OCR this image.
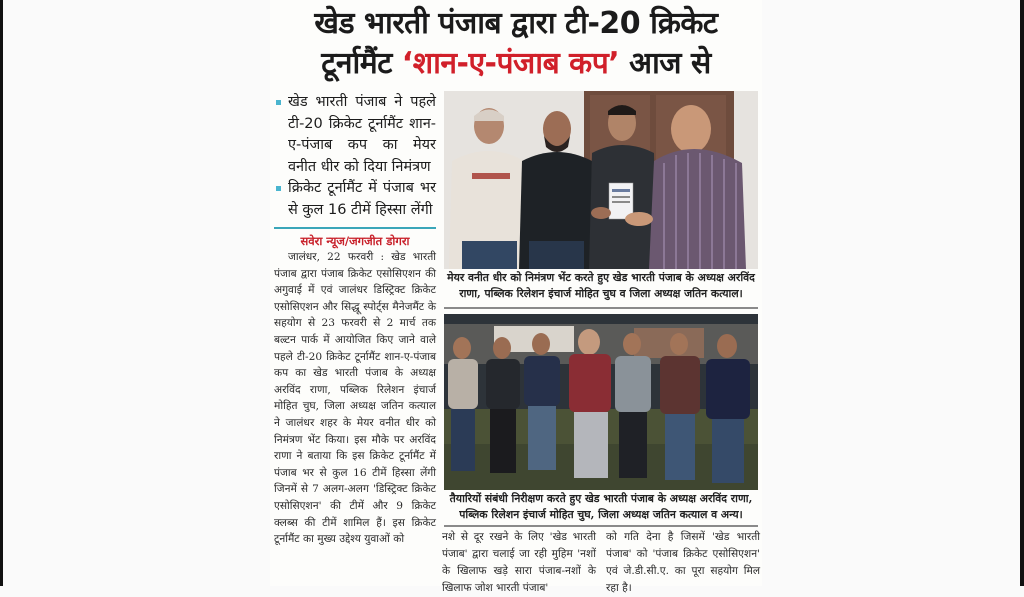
खेड भारती पंजाब द्वारा टी-20 क्रिकेट
टूर्नामैंट ‘शान-ए-पंजाब कप’ आज से
खेड भारती पंजाब ने पहले टी-20 क्रिकेट टूर्नामैंट शान-ए-पंजाब कप का मेयर वनीत धीर को दिया निमंत्रण
क्रिकेट टूर्नामैंट में पंजाब भर से कुल 16 टीमें हिस्सा लेंगी
सवेरा न्यूज/जगजीत डोगरा
जालंधर, 22 फरवरी : खेड भारती पंजाब द्वारा पंजाब क्रिकेट एसोसिएशन की अगुवाई में एवं जालंधर डिस्ट्रिक्ट क्रिकेट एसोसिएशन और सिद्धू स्पोर्ट्स मैनेजमैंट के सहयोग से 23 फरवरी से 2 मार्च तक बल्र्टन पार्क में आयोजित किए जाने वाले पहले टी-20 क्रिकेट टूर्नामैंट शान-ए-पंजाब कप का खेड भारती पंजाब के अध्यक्ष अरविंद राणा, पब्लिक रिलेशन इंचार्ज मोहित चुघ, जिला अध्यक्ष जतिन कत्याल ने जालंधर शहर के मेयर वनीत धीर को निमंत्रण भेंट किया। इस मौके पर अरविंद राणा ने बताया कि इस क्रिकेट टूर्नामैंट में पंजाब भर से कुल 16 टीमें हिस्सा लेंगी जिनमें से 7 अलग-अलग 'डिस्ट्रिक्ट क्रिकेट एसोसिएशन' की टीमें और 9 क्रिकेट क्लब्स की टीमें शामिल हैं। इस क्रिकेट टूर्नामैंट का मुख्य उद्देश्य युवाओं को
मेयर वनीत धीर को निमंत्रण भेंट करते हुए खेड भारती पंजाब के अध्यक्ष अरविंद राणा, पब्लिक रिलेशन इंचार्ज मोहित चुघ व जिला अध्यक्ष जतिन कत्याल।
तैयारियों संबंधी निरीक्षण करते हुए खेड भारती पंजाब के अध्यक्ष अरविंद राणा, पब्लिक रिलेशन इंचार्ज मोहित चुघ, जिला अध्यक्ष जतिन कत्याल व अन्य।
नशे से दूर रखने के लिए 'खेड भारती पंजाब' द्वारा चलाई जा रही मुहिम 'नशों के खिलाफ खड़े सारा पंजाब-नशों के खिलाफ जोश भारती पंजाब'
को गति देना है जिसमें 'खेड भारती पंजाब' को 'पंजाब क्रिकेट एसोसिएशन' एवं जे.डी.सी.ए. का पूरा सहयोग मिल रहा है।
